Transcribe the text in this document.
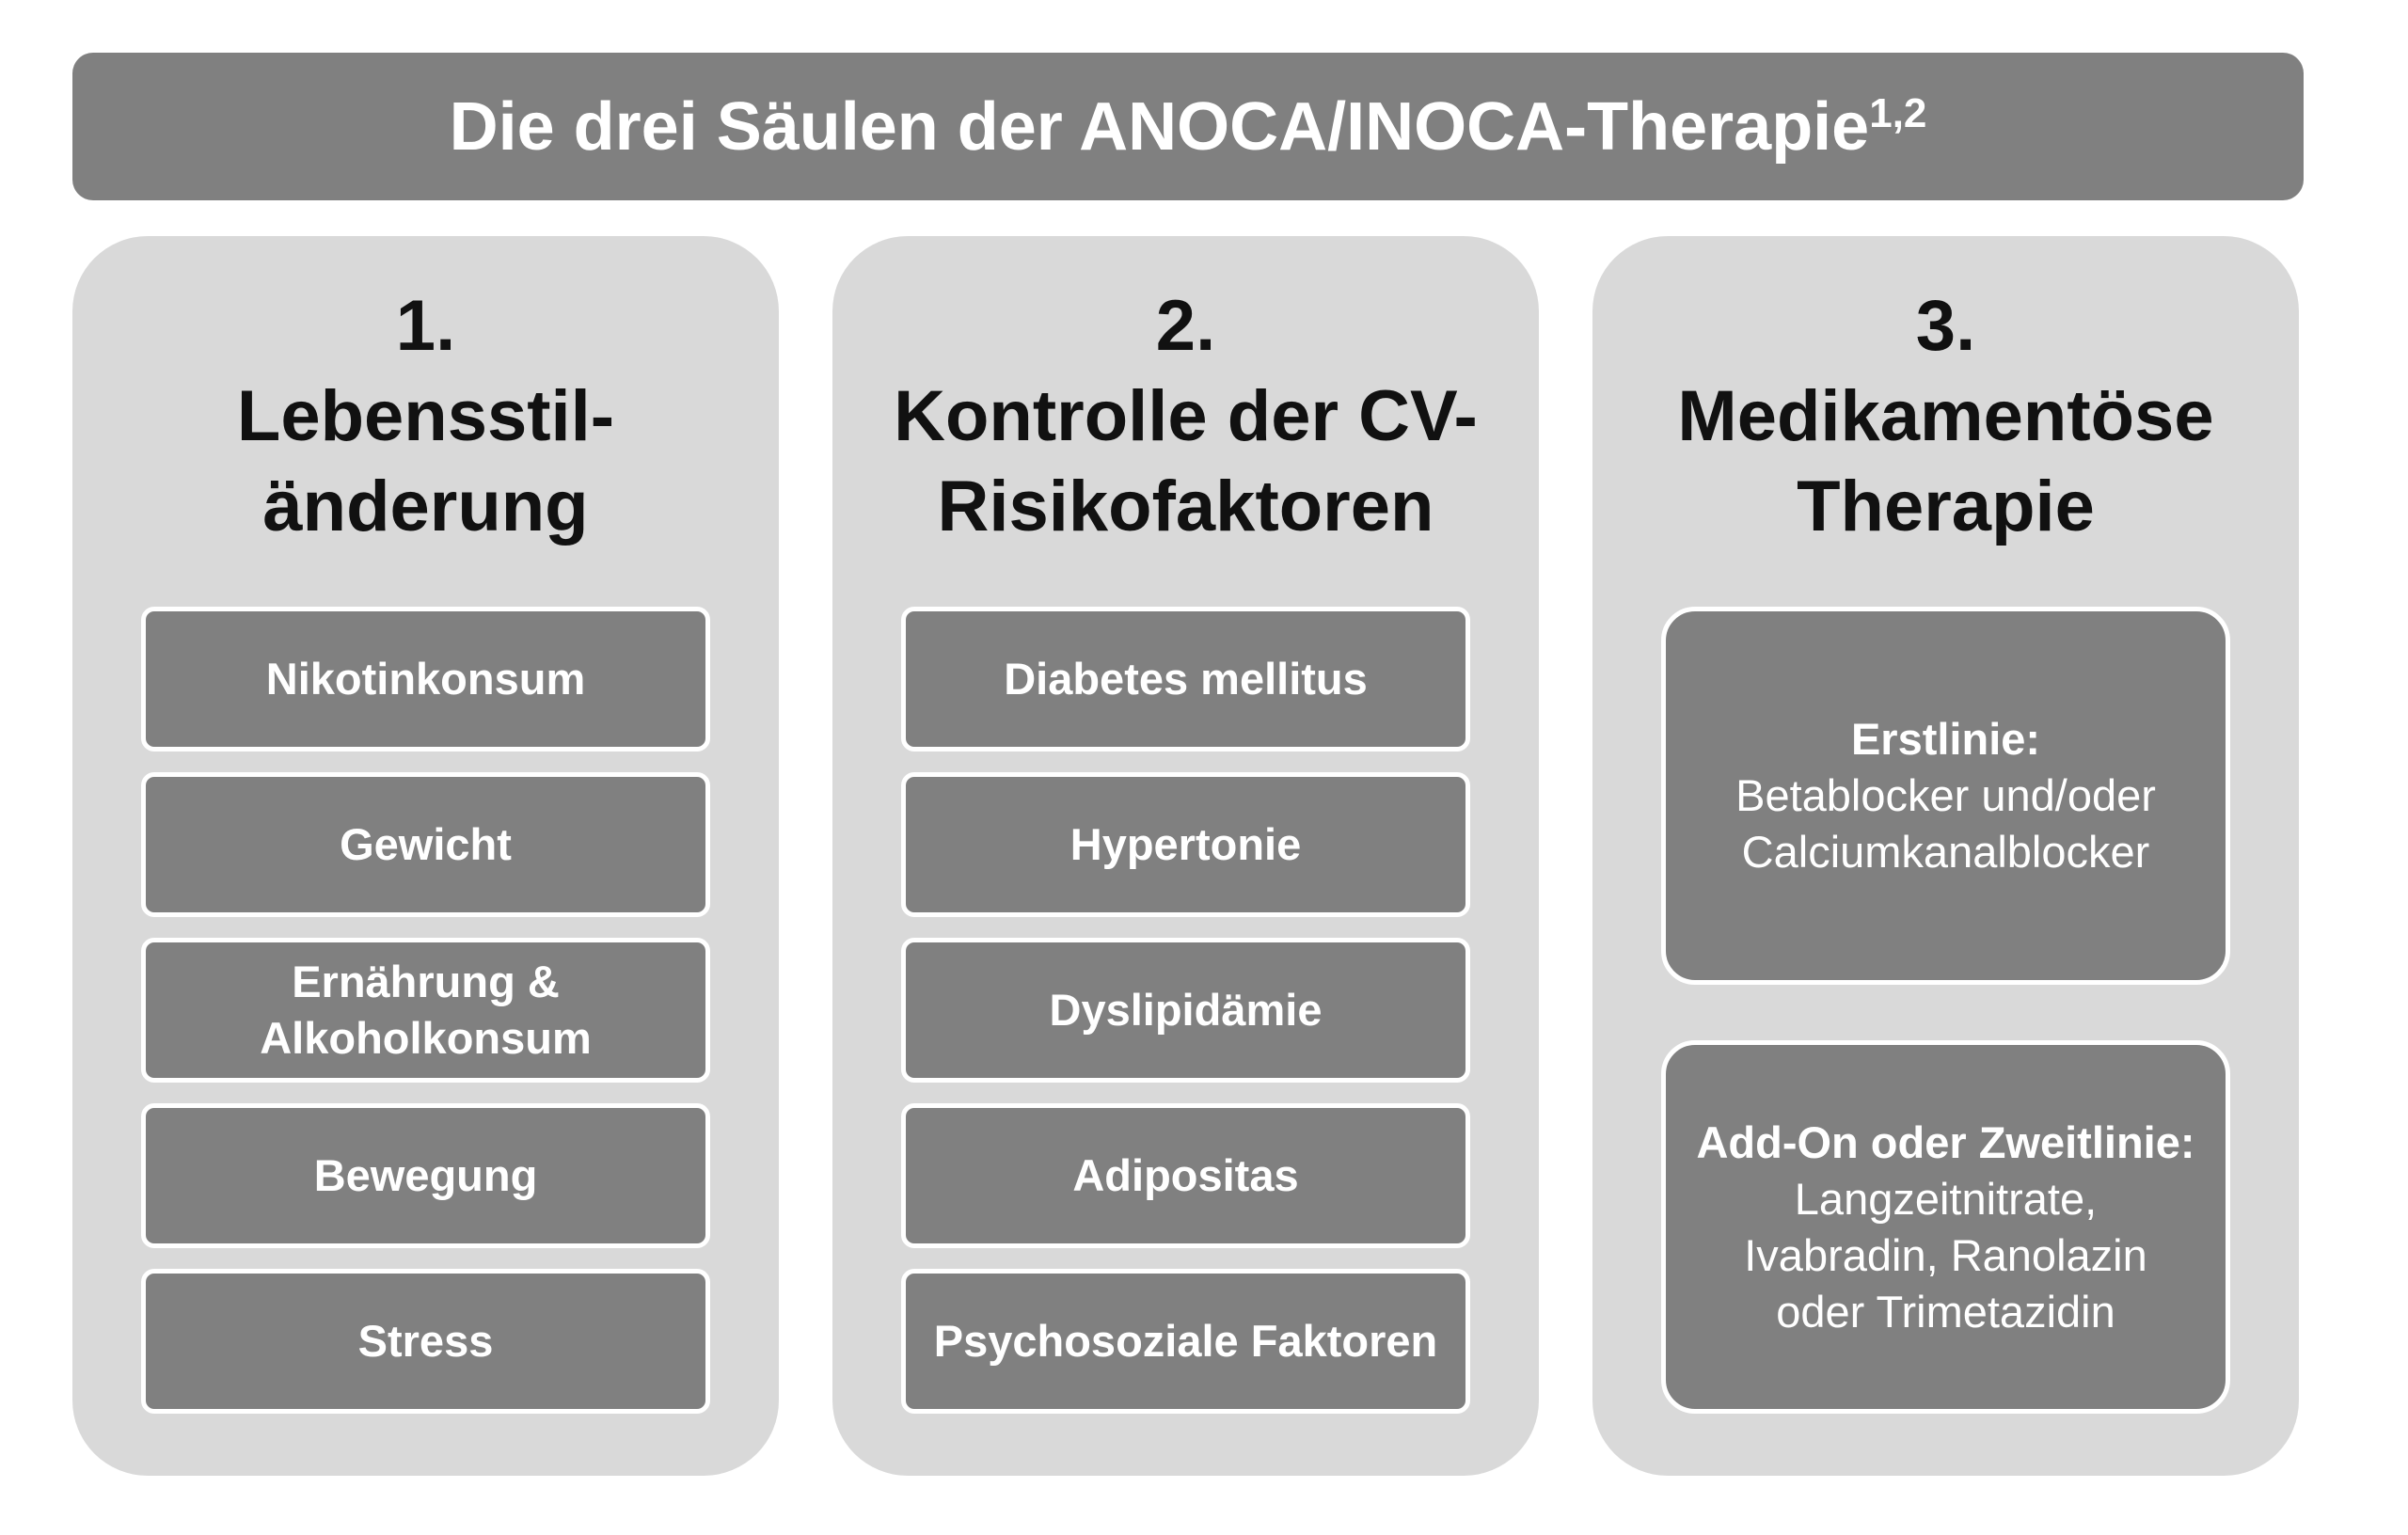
Die drei Säulen der ANOCA/INOCA-Therapie$^{1,2}$
1.
Lebensstil-
änderung
Nikotinkonsum
Gewicht
Ernährung & Alkoholkonsum
Bewegung
Stress
2.
Kontrolle der CV-
Risikofaktoren
Diabetes mellitus
Hypertonie
Dyslipidämie
Adipositas
Psychosoziale Faktoren
3.
Medikamentöse
Therapie
Erstlinie:
Betablocker und/oder
Calciumkanalblocker
Add-On oder Zweitlinie:
Langzeitnitrate,
Ivabradin, Ranolazin
oder Trimetazidin
